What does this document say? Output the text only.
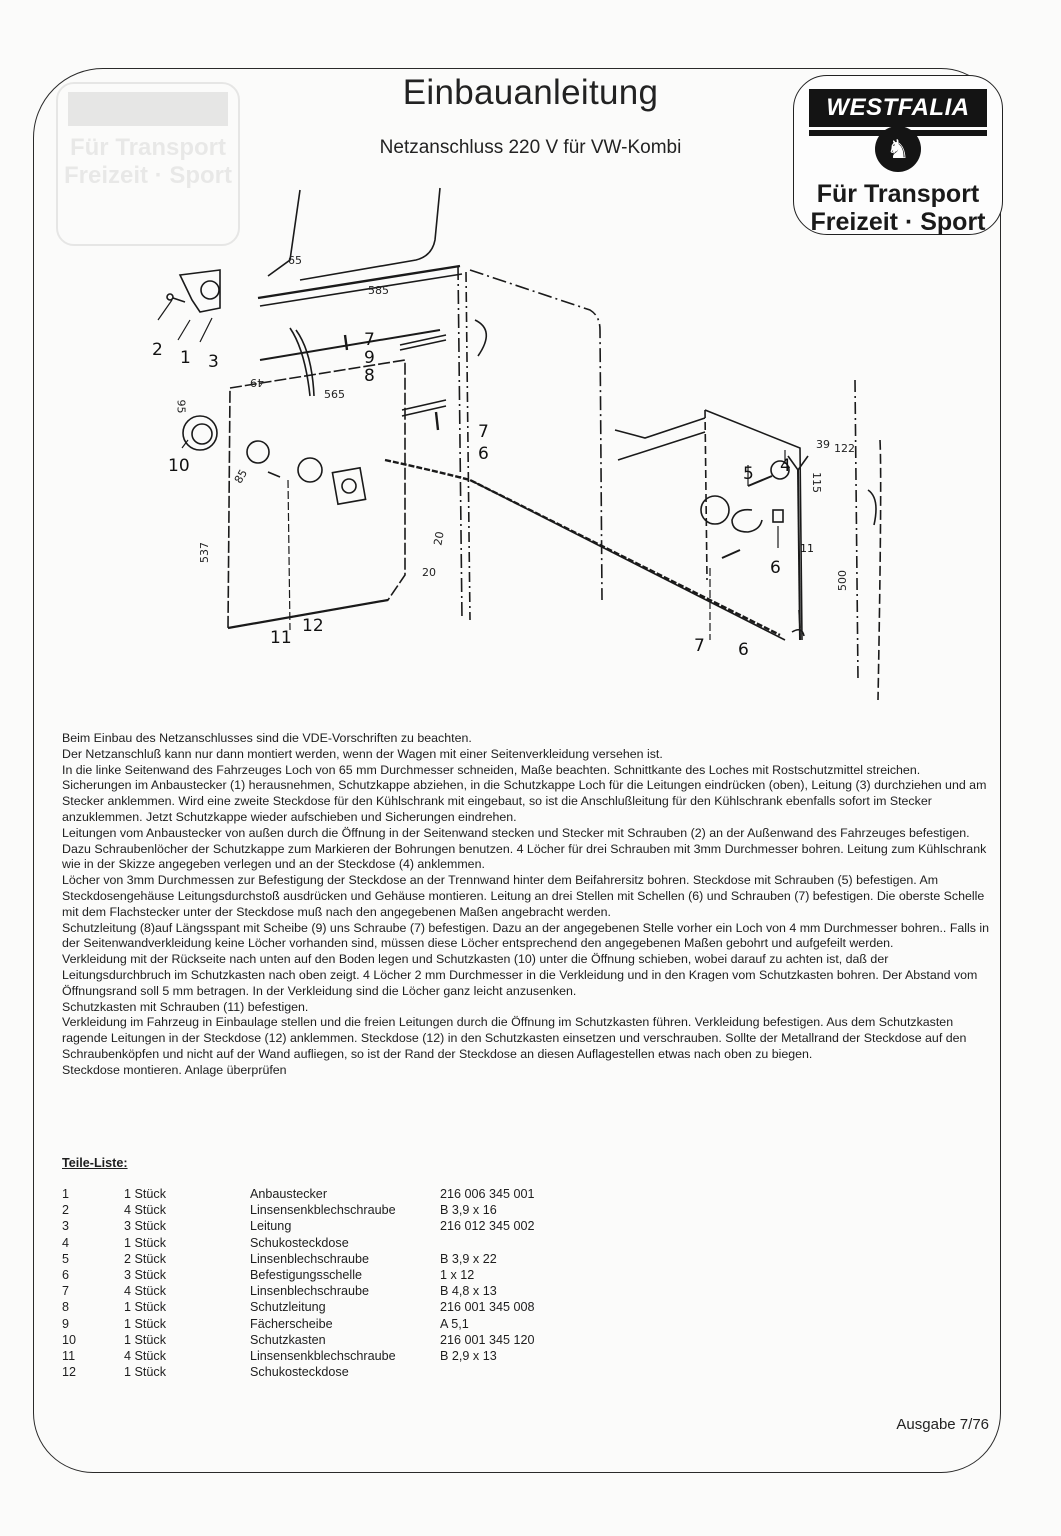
Für Transport
Freizeit · Sport
Einbauanleitung
Netzanschluss 220 V für VW-Kombi
WESTFALIA
♞
Für Transport
Freizeit · Sport
2 1 3
7
9
8
10
7
6
11
12
5 4
6
7 6
11
65
585
49
95
565
85
537
20
20
39 122
115
500

Beim Einbau des Netzanschlusses sind die VDE-Vorschriften zu beachten.

Der Netzanschluß kann nur dann montiert werden, wenn der Wagen mit einer Seitenverkleidung versehen ist.

In die linke Seitenwand des Fahrzeuges Loch von 65 mm Durchmesser schneiden, Maße beachten. Schnittkante des Loches mit Rostschutzmittel streichen.

Sicherungen im Anbaustecker (1) herausnehmen, Schutzkappe abziehen, in die Schutzkappe Loch für die Leitungen eindrücken (oben), Leitung (3) durchziehen und am Stecker anklemmen. Wird eine zweite Steckdose für den Kühlschrank mit eingebaut, so ist die Anschlußleitung für den Kühlschrank ebenfalls sofort im Stecker anzuklemmen. Jetzt Schutzkappe wieder aufschieben und Sicherungen eindrehen.

Leitungen vom Anbaustecker von außen durch die Öffnung in der Seitenwand stecken und Stecker mit Schrauben (2) an der Außenwand des Fahrzeuges befestigen. Dazu Schraubenlöcher der Schutzkappe zum Markieren der Bohrungen benutzen. 4 Löcher für drei Schrauben mit 3mm Durchmesser bohren. Leitung zum Kühlschrank wie in der Skizze angegeben verlegen und an der Steckdose (4) anklemmen.

Löcher von 3mm Durchmessen zur Befestigung der Steckdose an der Trennwand hinter dem Beifahrersitz bohren. Steckdose mit Schrauben (5) befestigen. Am Steckdosengehäuse Leitungsdurchstoß ausdrücken und Gehäuse montieren. Leitung an drei Stellen mit Schellen (6) und Schrauben (7) befestigen. Die oberste Schelle mit dem Flachstecker unter der Steckdose muß nach den angegebenen Maßen angebracht werden.

Schutzleitung (8)auf Längsspant mit Scheibe (9) uns Schraube (7) befestigen. Dazu an der angegebenen Stelle vorher ein Loch von 4 mm Durchmesser bohren.. Falls in der Seitenwandverkleidung keine Löcher vorhanden sind, müssen diese Löcher entsprechend den angegebenen Maßen gebohrt und aufgefeilt werden.

Verkleidung mit der Rückseite nach unten auf den Boden legen und Schutzkasten (10) unter die Öffnung schieben, wobei darauf zu achten ist, daß der Leitungsdurchbruch im Schutzkasten nach oben zeigt. 4 Löcher 2 mm Durchmesser in die Verkleidung und in den Kragen vom Schutzkasten bohren. Der Abstand vom Öffnungsrand soll 5 mm betragen. In der Verkleidung sind die Löcher ganz leicht anzusenken.

Schutzkasten mit Schrauben (11) befestigen.

Verkleidung im Fahrzeug in Einbaulage stellen und die freien Leitungen durch die Öffnung im Schutzkasten führen. Verkleidung befestigen. Aus dem Schutzkasten ragende Leitungen in der Steckdose (12) anklemmen. Steckdose (12) in den Schutzkasten einsetzen und verschrauben. Sollte der Metallrand der Steckdose auf den Schraubenköpfen und nicht auf der Wand aufliegen, so ist der Rand der Steckdose an diesen Auflagestellen etwas nach oben zu biegen.

Steckdose montieren. Anlage überprüfen

Teile-Liste:
1	1 Stück	Anbaustecker	216 006 345 001
2	4 Stück	Linsensenkblechschraube	B 3,9 x 16
3	3 Stück	Leitung	216 012 345 002
4	1 Stück	Schukosteckdose	
5	2 Stück	Linsenblechschraube	B 3,9 x 22
6	3 Stück	Befestigungsschelle	1 x 12
7	4 Stück	Linsenblechschraube	B 4,8 x 13
8	1 Stück	Schutzleitung	216 001 345 008
9	1 Stück	Fächerscheibe	A 5,1
10	1 Stück	Schutzkasten	216 001 345 120
11	4 Stück	Linsensenkblechschraube	B 2,9 x 13
12	1 Stück	Schukosteckdose	
Ausgabe 7/76
